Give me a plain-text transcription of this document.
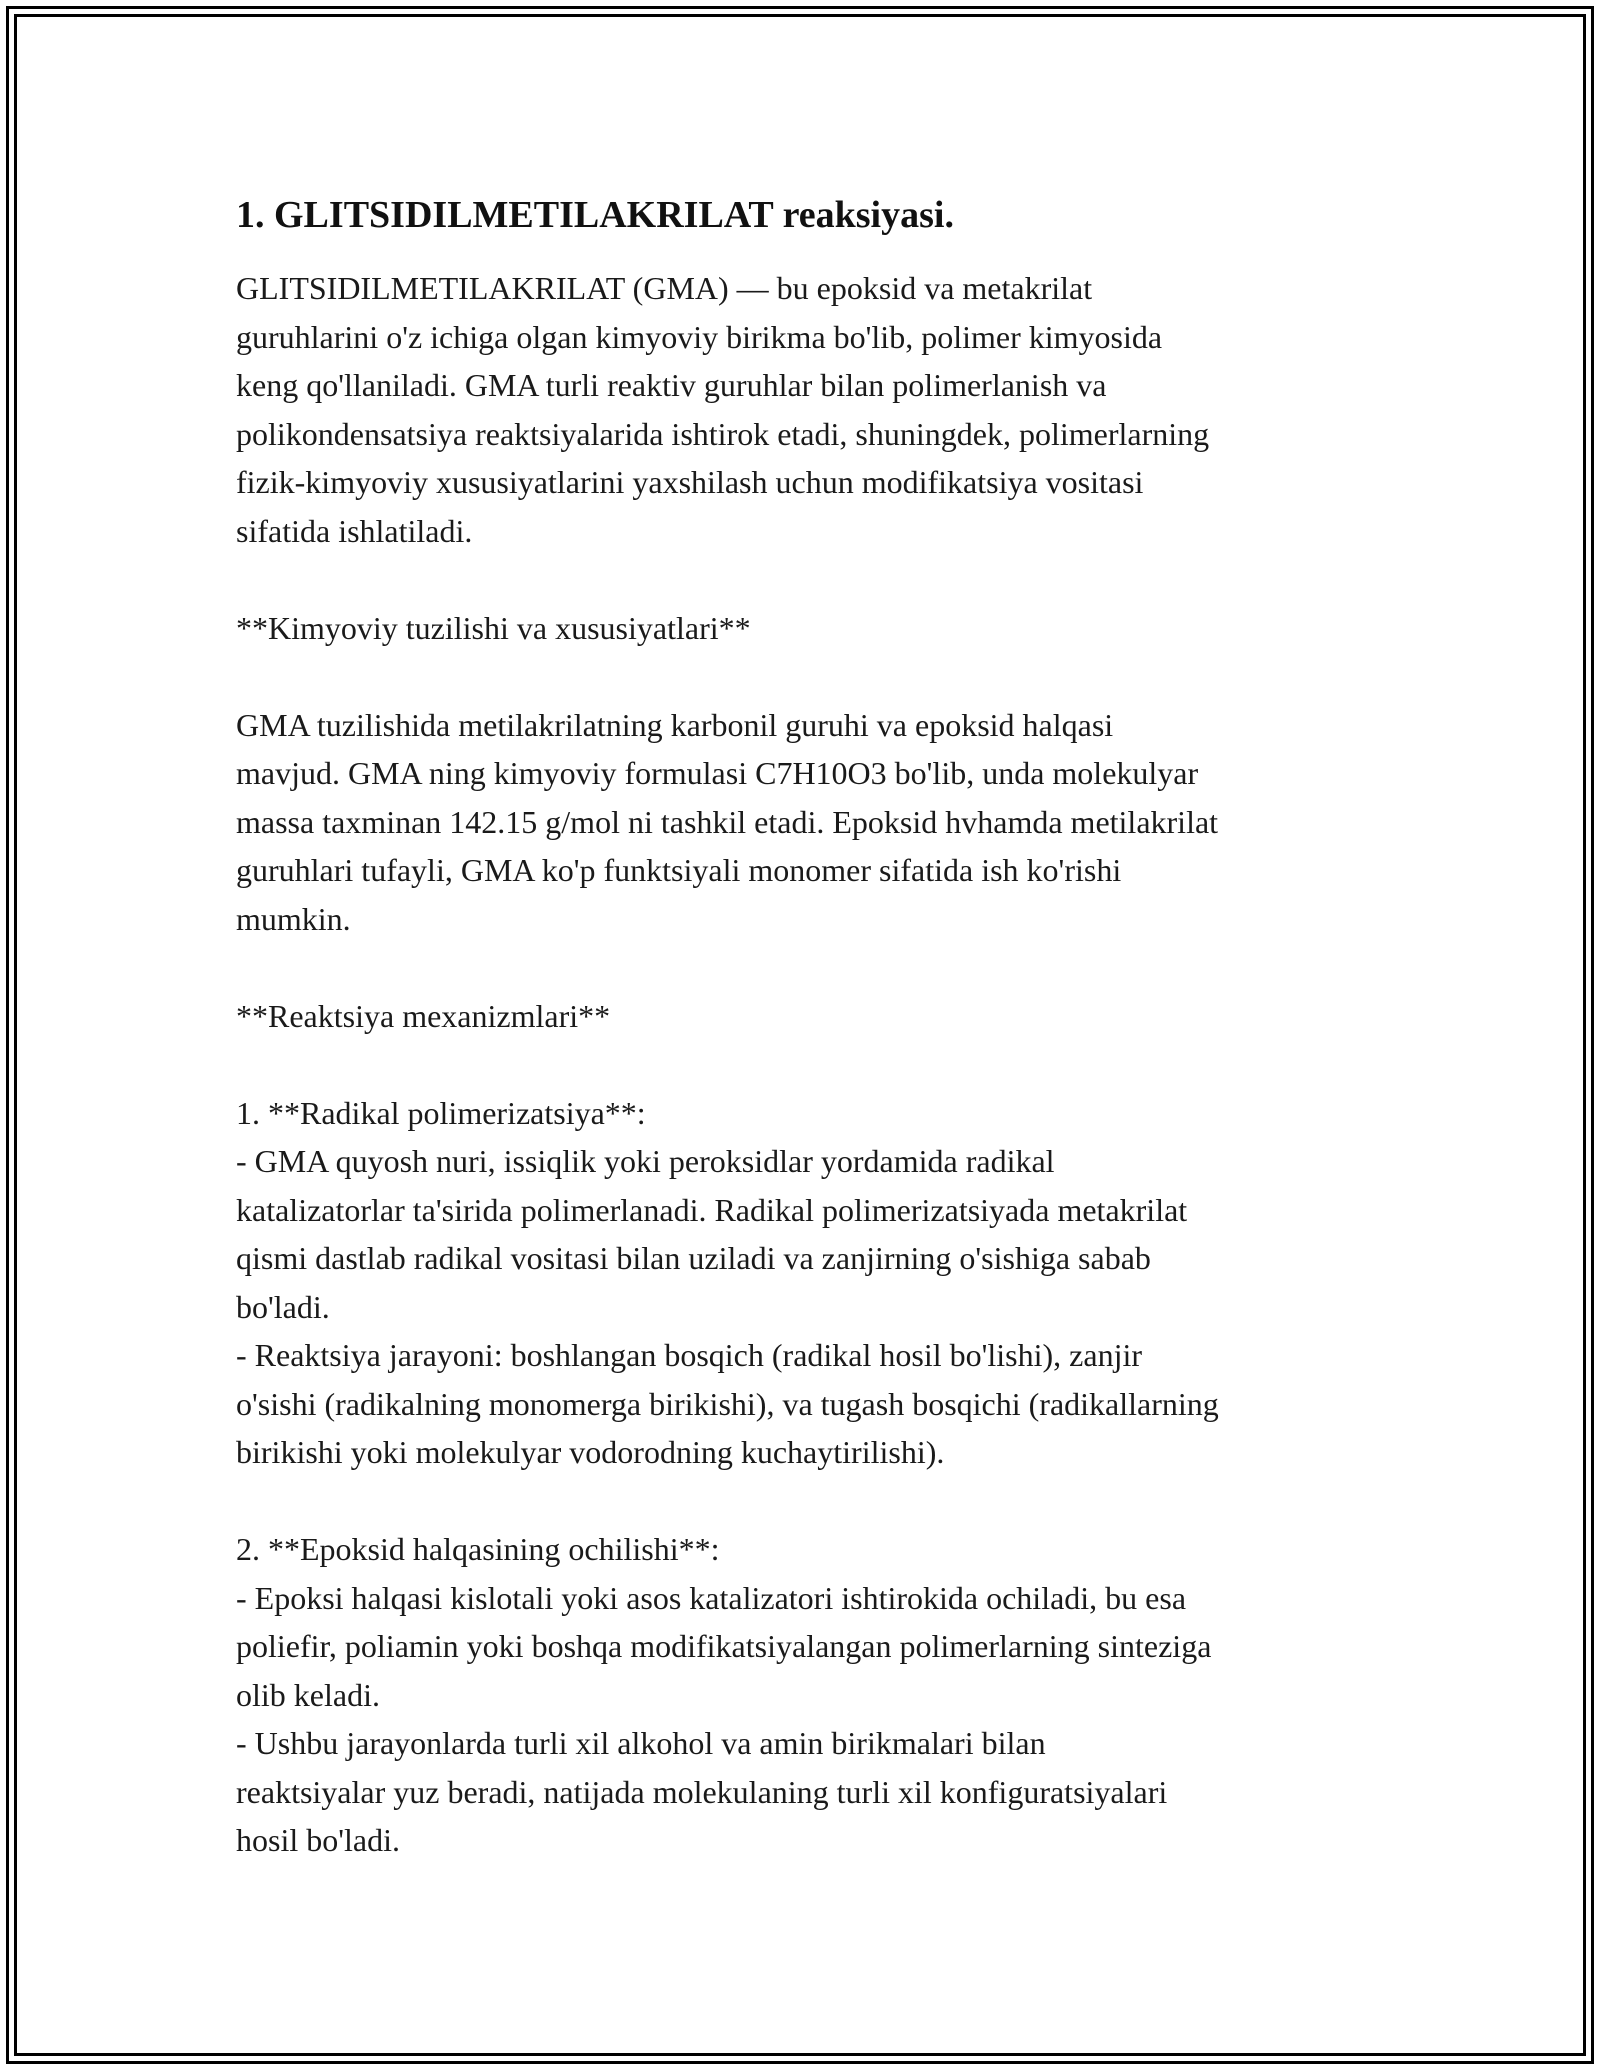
1. GLITSIDILMETILAKRILAT reaksiyasi.

GLITSIDILMETILAKRILAT (GMA) — bu epoksid va metakrilat
guruhlarini o'z ichiga olgan kimyoviy birikma bo'lib, polimer kimyosida
keng qo'llaniladi. GMA turli reaktiv guruhlar bilan polimerlanish va
polikondensatsiya reaktsiyalarida ishtirok etadi, shuningdek, polimerlarning
fizik-kimyoviy xususiyatlarini yaxshilash uchun modifikatsiya vositasi
sifatida ishlatiladi.

**Kimyoviy tuzilishi va xususiyatlari**

GMA tuzilishida metilakrilatning karbonil guruhi va epoksid halqasi
mavjud. GMA ning kimyoviy formulasi C7H10O3 bo'lib, unda molekulyar
massa taxminan 142.15 g/mol ni tashkil etadi. Epoksid hvhamda metilakrilat
guruhlari tufayli, GMA ko'p funktsiyali monomer sifatida ish ko'rishi
mumkin.

**Reaktsiya mexanizmlari**

1. **Radikal polimerizatsiya**:
- GMA quyosh nuri, issiqlik yoki peroksidlar yordamida radikal
katalizatorlar ta'sirida polimerlanadi. Radikal polimerizatsiyada metakrilat
qismi dastlab radikal vositasi bilan uziladi va zanjirning o'sishiga sabab
bo'ladi.
- Reaktsiya jarayoni: boshlangan bosqich (radikal hosil bo'lishi), zanjir
o'sishi (radikalning monomerga birikishi), va tugash bosqichi (radikallarning
birikishi yoki molekulyar vodorodning kuchaytirilishi).

2. **Epoksid halqasining ochilishi**:
- Epoksi halqasi kislotali yoki asos katalizatori ishtirokida ochiladi, bu esa
poliefir, poliamin yoki boshqa modifikatsiyalangan polimerlarning sinteziga
olib keladi.
- Ushbu jarayonlarda turli xil alkohol va amin birikmalari bilan
reaktsiyalar yuz beradi, natijada molekulaning turli xil konfiguratsiyalari
hosil bo'ladi.
